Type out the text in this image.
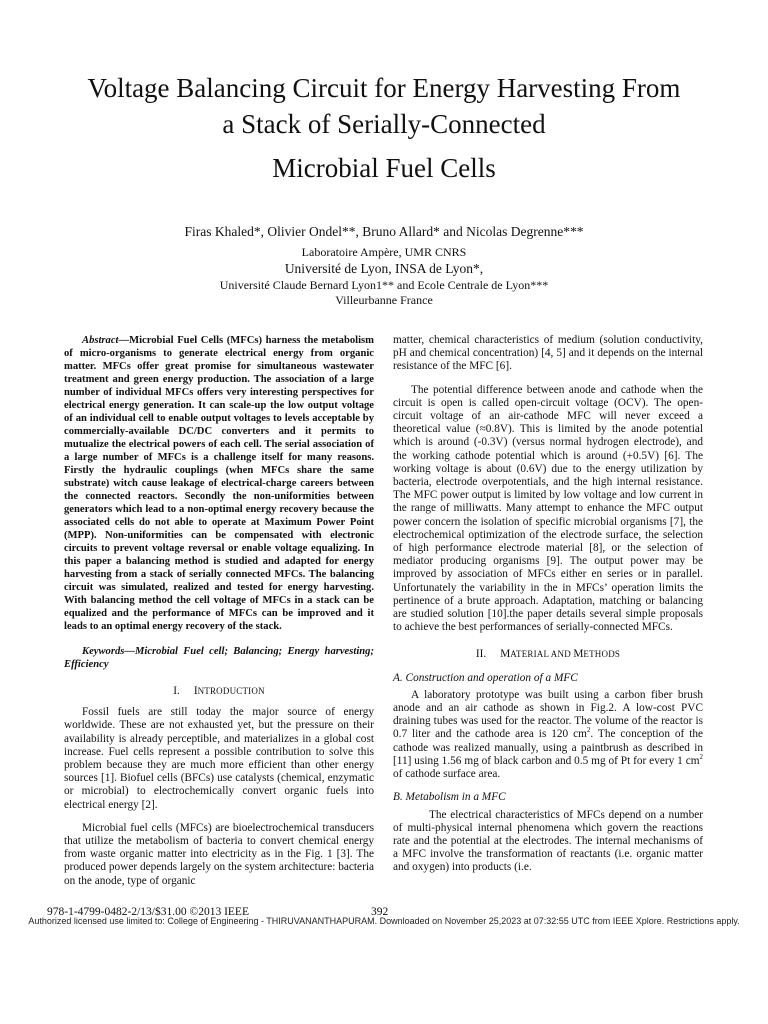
Voltage Balancing Circuit for Energy Harvesting From
a Stack of Serially-Connected
Microbial Fuel Cells
Firas Khaled*, Olivier Ondel**, Bruno Allard* and Nicolas Degrenne***
Laboratoire Ampère, UMR CNRS
Université de Lyon, INSA de Lyon*,
Université Claude Bernard Lyon1** and Ecole Centrale de Lyon***
Villeurbanne France

Abstract—Microbial Fuel Cells (MFCs) harness the metabolism of micro-organisms to generate electrical energy from organic matter. MFCs offer great promise for simultaneous wastewater treatment and green energy production. The association of a large number of individual MFCs offers very interesting perspectives for electrical energy generation. It can scale-up the low output voltage of an individual cell to enable output voltages to levels acceptable by commercially-available DC/DC converters and it permits to mutualize the electrical powers of each cell. The serial association of a large number of MFCs is a challenge itself for many reasons. Firstly the hydraulic couplings (when MFCs share the same substrate) witch cause leakage of electrical-charge careers between the connected reactors. Secondly the non-uniformities between generators which lead to a non-optimal energy recovery because the associated cells do not able to operate at Maximum Power Point (MPP). Non-uniformities can be compensated with electronic circuits to prevent voltage reversal or enable voltage equalizing. In this paper a balancing method is studied and adapted for energy harvesting from a stack of serially connected MFCs. The balancing circuit was simulated, realized and tested for energy harvesting. With balancing method the cell voltage of MFCs in a stack can be equalized and the performance of MFCs can be improved and it leads to an optimal energy recovery of the stack.

Keywords—Microbial Fuel cell; Balancing; Energy harvesting; Efficiency

I. INTRODUCTION

Fossil fuels are still today the major source of energy worldwide. These are not exhausted yet, but the pressure on their availability is already perceptible, and materializes in a global cost increase. Fuel cells represent a possible contribution to solve this problem because they are much more efficient than other energy sources [1]. Biofuel cells (BFCs) use catalysts (chemical, enzymatic or microbial) to electrochemically convert organic fuels into electrical energy [2].

Microbial fuel cells (MFCs) are bioelectrochemical transducers that utilize the metabolism of bacteria to convert chemical energy from waste organic matter into electricity as in the Fig. 1 [3]. The produced power depends largely on the system architecture: bacteria on the anode, type of organic

matter, chemical characteristics of medium (solution conductivity, pH and chemical concentration) [4, 5] and it depends on the internal resistance of the MFC [6].

The potential difference between anode and cathode when the circuit is open is called open-circuit voltage (OCV). The open-circuit voltage of an air-cathode MFC will never exceed a theoretical value (≈0.8V). This is limited by the anode potential which is around (-0.3V) (versus normal hydrogen electrode), and the working cathode potential which is around (+0.5V) [6]. The working voltage is about (0.6V) due to the energy utilization by bacteria, electrode overpotentials, and the high internal resistance. The MFC power output is limited by low voltage and low current in the range of milliwatts. Many attempt to enhance the MFC output power concern the isolation of specific microbial organisms [7], the electrochemical optimization of the electrode surface, the selection of high performance electrode material [8], or the selection of mediator producing organisms [9]. The output power may be improved by association of MFCs either en series or in parallel. Unfortunately the variability in the in MFCs’ operation limits the pertinence of a brute approach. Adaptation, matching or balancing are studied solution [10].the paper details several simple proposals to achieve the best performances of serially-connected MFCs.

II. MATERIAL AND METHODS

A. Construction and operation of a MFC

A laboratory prototype was built using a carbon fiber brush anode and an air cathode as shown in Fig.2. A low-cost PVC draining tubes was used for the reactor. The volume of the reactor is 0.7 liter and the cathode area is 120 $cm^2$. The conception of the cathode was realized manually, using a paintbrush as described in [11] using 1.56 mg of black carbon and 0.5 mg of Pt for every 1 $cm^2$ of cathode surface area.

B. Metabolism in a MFC

The electrical characteristics of MFCs depend on a number of multi-physical internal phenomena which govern the reactions rate and the potential at the electrodes. The internal mechanisms of a MFC involve the transformation of reactants (i.e. organic matter and oxygen) into products (i.e.

978-1-4799-0482-2/13/$31.00 ©2013 IEEE	392
Authorized licensed use limited to: College of Engineering - THIRUVANANTHAPURAM. Downloaded on November 25,2023 at 07:32:55 UTC from IEEE Xplore. Restrictions apply.
